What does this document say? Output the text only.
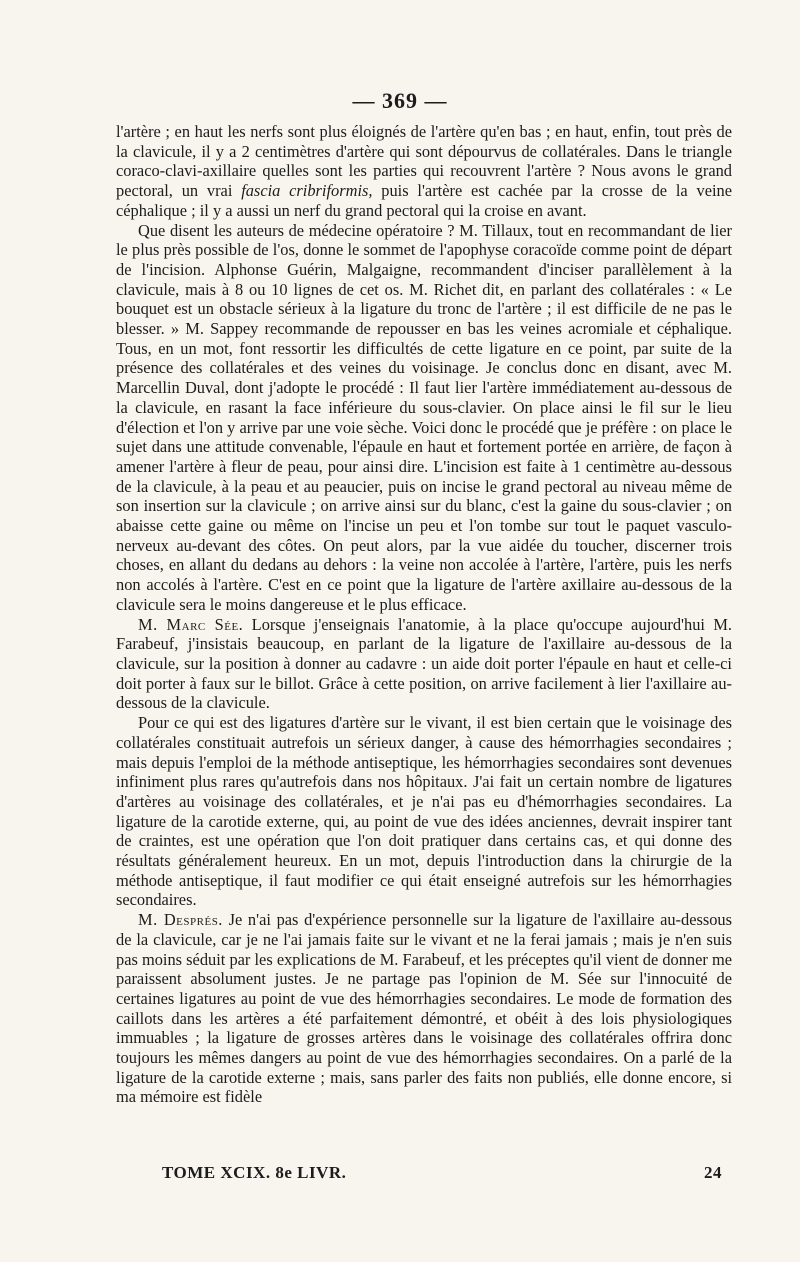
— 369 —

l'artère ; en haut les nerfs sont plus éloignés de l'artère qu'en bas ; en haut, enfin, tout près de la clavicule, il y a 2 centimètres d'artère qui sont dépourvus de collatérales. Dans le triangle coraco-clavi-axillaire quelles sont les parties qui recouvrent l'artère ? Nous avons le grand pectoral, un vrai fascia cribriformis, puis l'artère est cachée par la crosse de la veine céphalique ; il y a aussi un nerf du grand pectoral qui la croise en avant.

Que disent les auteurs de médecine opératoire ? M. Tillaux, tout en recommandant de lier le plus près possible de l'os, donne le sommet de l'apophyse coracoïde comme point de départ de l'incision. Alphonse Guérin, Malgaigne, recommandent d'inciser parallèlement à la clavicule, mais à 8 ou 10 lignes de cet os. M. Richet dit, en parlant des collatérales : « Le bouquet est un obstacle sérieux à la ligature du tronc de l'artère ; il est difficile de ne pas le blesser. » M. Sappey recommande de repousser en bas les veines acromiale et céphalique. Tous, en un mot, font ressortir les difficultés de cette ligature en ce point, par suite de la présence des collatérales et des veines du voisinage. Je conclus donc en disant, avec M. Marcellin Duval, dont j'adopte le procédé : Il faut lier l'artère immédiatement au-dessous de la clavicule, en rasant la face inférieure du sous-clavier. On place ainsi le fil sur le lieu d'élection et l'on y arrive par une voie sèche. Voici donc le procédé que je préfère : on place le sujet dans une attitude convenable, l'épaule en haut et fortement portée en arrière, de façon à amener l'artère à fleur de peau, pour ainsi dire. L'incision est faite à 1 centimètre au-dessous de la clavicule, à la peau et au peaucier, puis on incise le grand pectoral au niveau même de son insertion sur la clavicule ; on arrive ainsi sur du blanc, c'est la gaine du sous-clavier ; on abaisse cette gaine ou même on l'incise un peu et l'on tombe sur tout le paquet vasculo-nerveux au-devant des côtes. On peut alors, par la vue aidée du toucher, discerner trois choses, en allant du dedans au dehors : la veine non accolée à l'artère, l'artère, puis les nerfs non accolés à l'artère. C'est en ce point que la ligature de l'artère axillaire au-dessous de la clavicule sera le moins dangereuse et le plus efficace.

M. Marc Sée. Lorsque j'enseignais l'anatomie, à la place qu'occupe aujourd'hui M. Farabeuf, j'insistais beaucoup, en parlant de la ligature de l'axillaire au-dessous de la clavicule, sur la position à donner au cadavre : un aide doit porter l'épaule en haut et celle-ci doit porter à faux sur le billot. Grâce à cette position, on arrive facilement à lier l'axillaire au-dessous de la clavicule.

Pour ce qui est des ligatures d'artère sur le vivant, il est bien certain que le voisinage des collatérales constituait autrefois un sérieux danger, à cause des hémorrhagies secondaires ; mais depuis l'emploi de la méthode antiseptique, les hémorrhagies secondaires sont devenues infiniment plus rares qu'autrefois dans nos hôpitaux. J'ai fait un certain nombre de ligatures d'artères au voisinage des collatérales, et je n'ai pas eu d'hémorrhagies secondaires. La ligature de la carotide externe, qui, au point de vue des idées anciennes, devrait inspirer tant de craintes, est une opération que l'on doit pratiquer dans certains cas, et qui donne des résultats généralement heureux. En un mot, depuis l'introduction dans la chirurgie de la méthode antiseptique, il faut modifier ce qui était enseigné autrefois sur les hémorrhagies secondaires.

M. Després. Je n'ai pas d'expérience personnelle sur la ligature de l'axillaire au-dessous de la clavicule, car je ne l'ai jamais faite sur le vivant et ne la ferai jamais ; mais je n'en suis pas moins séduit par les explications de M. Farabeuf, et les préceptes qu'il vient de donner me paraissent absolument justes. Je ne partage pas l'opinion de M. Sée sur l'innocuité de certaines ligatures au point de vue des hémorrhagies secondaires. Le mode de formation des caillots dans les artères a été parfaitement démontré, et obéit à des lois physiologiques immuables ; la ligature de grosses artères dans le voisinage des collatérales offrira donc toujours les mêmes dangers au point de vue des hémorrhagies secondaires. On a parlé de la ligature de la carotide externe ; mais, sans parler des faits non publiés, elle donne encore, si ma mémoire est fidèle

TOME XCIX. 8e LIVR.	24
